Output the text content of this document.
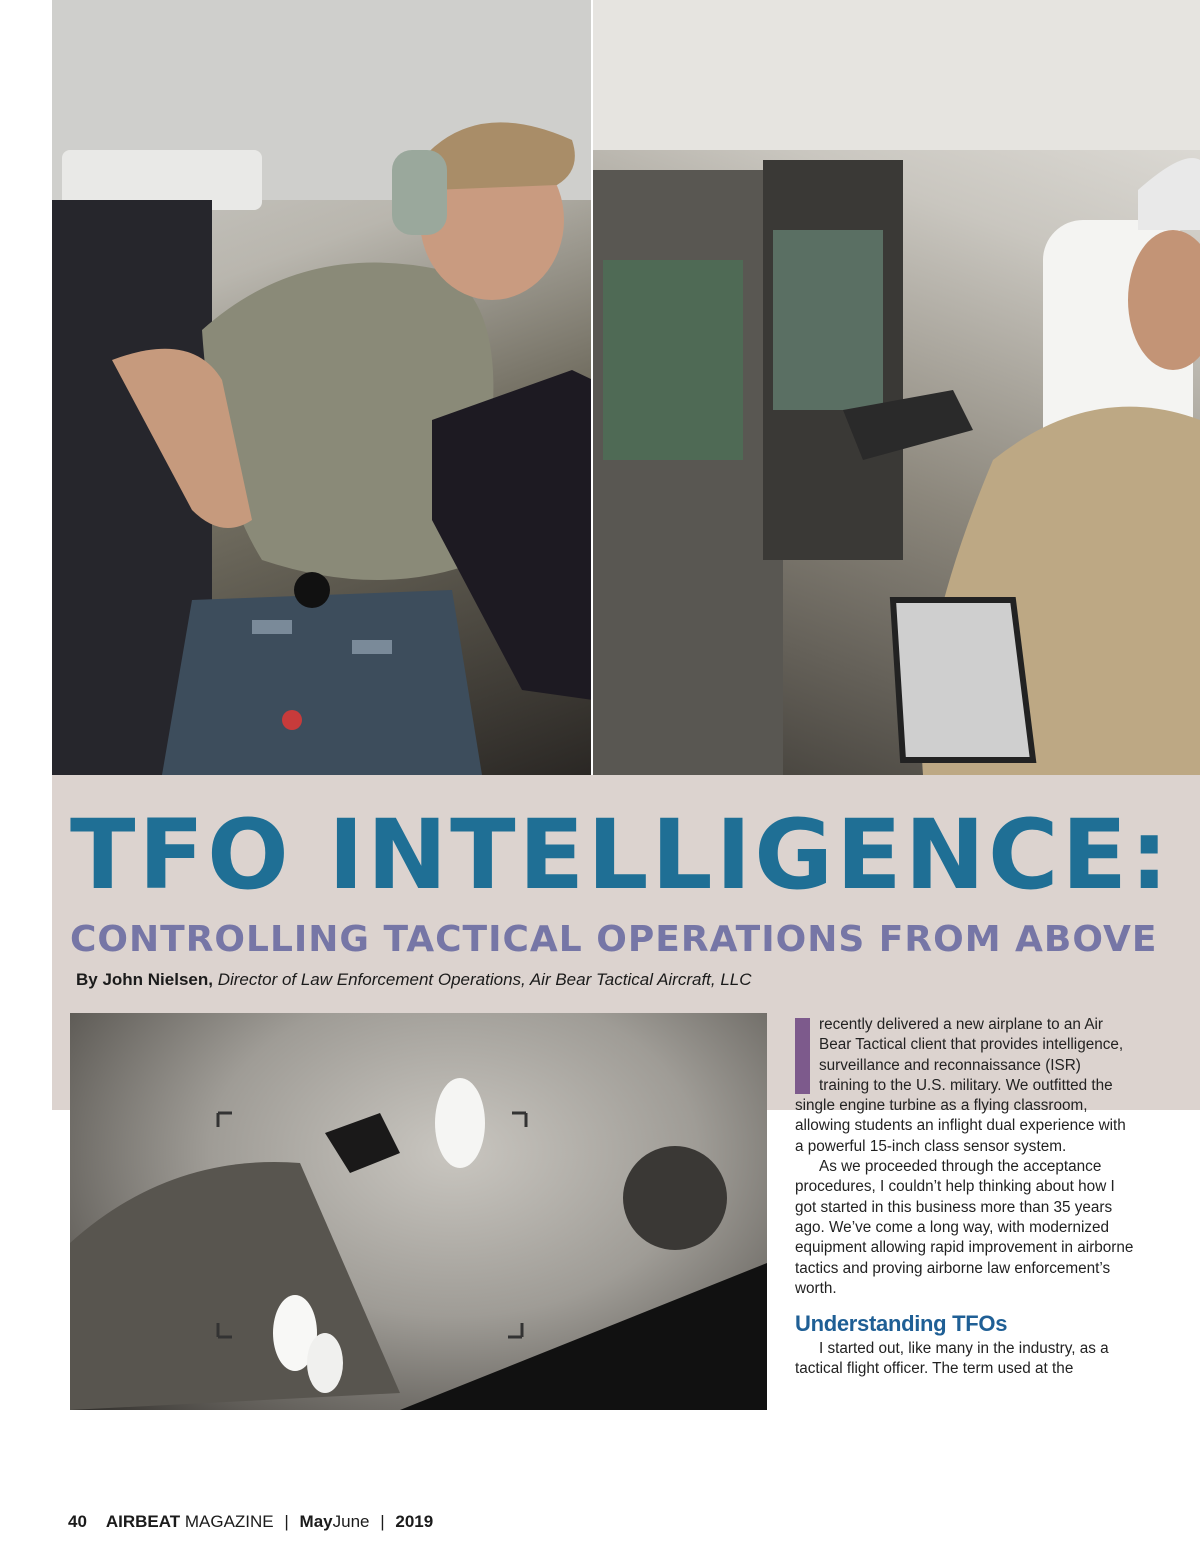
TFO INTELLIGENCE:
CONTROLLING TACTICAL OPERATIONS FROM ABOVE
By John Nielsen, Director of Law Enforcement Operations, Air Bear Tactical Aircraft, LLC

recently delivered a new airplane to an Air Bear Tactical client that provides intelligence, surveillance and reconnaissance (ISR) training to the U.S. military. We outfitted the single engine turbine as a flying classroom, allowing students an inflight dual experience with a powerful 15-inch class sensor system.

As we proceeded through the acceptance procedures, I couldn’t help thinking about how I got started in this business more than 35 years ago. We’ve come a long way, with modernized equipment allowing rapid improvement in airborne tactics and proving airborne law enforcement’s worth.

Understanding TFOs

I started out, like many in the industry, as a tactical flight officer. The term used at the

40 AIRBEAT MAGAZINE | MayJune | 2019
